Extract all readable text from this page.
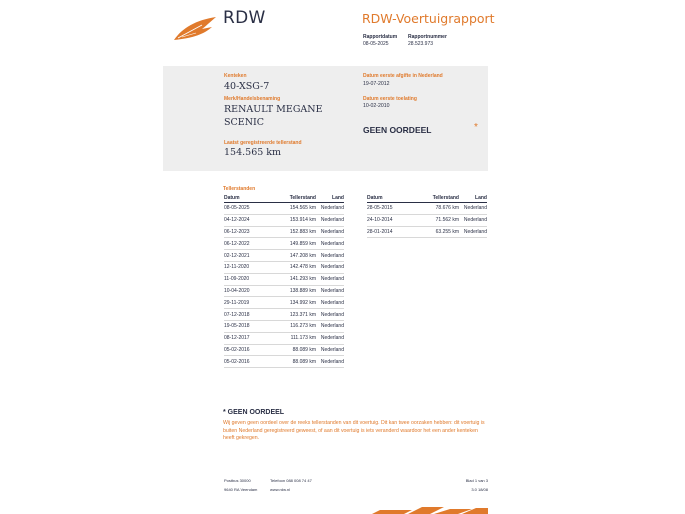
RDW	RDW-Voertuigrapport
Rapportdatum
08-05-2025
Rapportnummer
28.523.973
Kenteken
40-XSG-7
Merk/Handelsbenaming
RENAULT MEGANE
SCENIC
Laatst geregistreerde tellerstand
154.565 km
Datum eerste afgifte in Nederland
19-07-2012
Datum eerste toelating
10-02-2010
GEEN OORDEEL	*
Tellerstanden
Datum	Tellerstand	Land
08-05-2025	154.565 km	Nederland
04-12-2024	153.914 km	Nederland
06-12-2023	152.883 km	Nederland
06-12-2022	149.859 km	Nederland
02-12-2021	147.208 km	Nederland
12-11-2020	142.478 km	Nederland
11-09-2020	141.293 km	Nederland
10-04-2020	138.889 km	Nederland
29-11-2019	134.992 km	Nederland
07-12-2018	123.371 km	Nederland
19-05-2018	116.273 km	Nederland
08-12-2017	111.173 km	Nederland
05-02-2016	88.089 km	Nederland
05-02-2016	88.089 km	Nederland
Datum	Tellerstand	Land
28-05-2015	78.676 km	Nederland
24-10-2014	71.562 km	Nederland
28-01-2014	63.255 km	Nederland
* GEEN OORDEEL
Wij geven geen oordeel over de reeks tellerstanden van dit voertuig. Dit kan twee oorzaken hebben: dit voertuig is buiten Nederland geregistreerd geweest, of aan dit voertuig is iets veranderd waardoor het een ander kenteken heeft gekregen.
Postbus 30000
9640 RA Veendam
Telefoon 088 008 74 47
www.rdw.nl
Blad 1 van 3
3.0 18/08
